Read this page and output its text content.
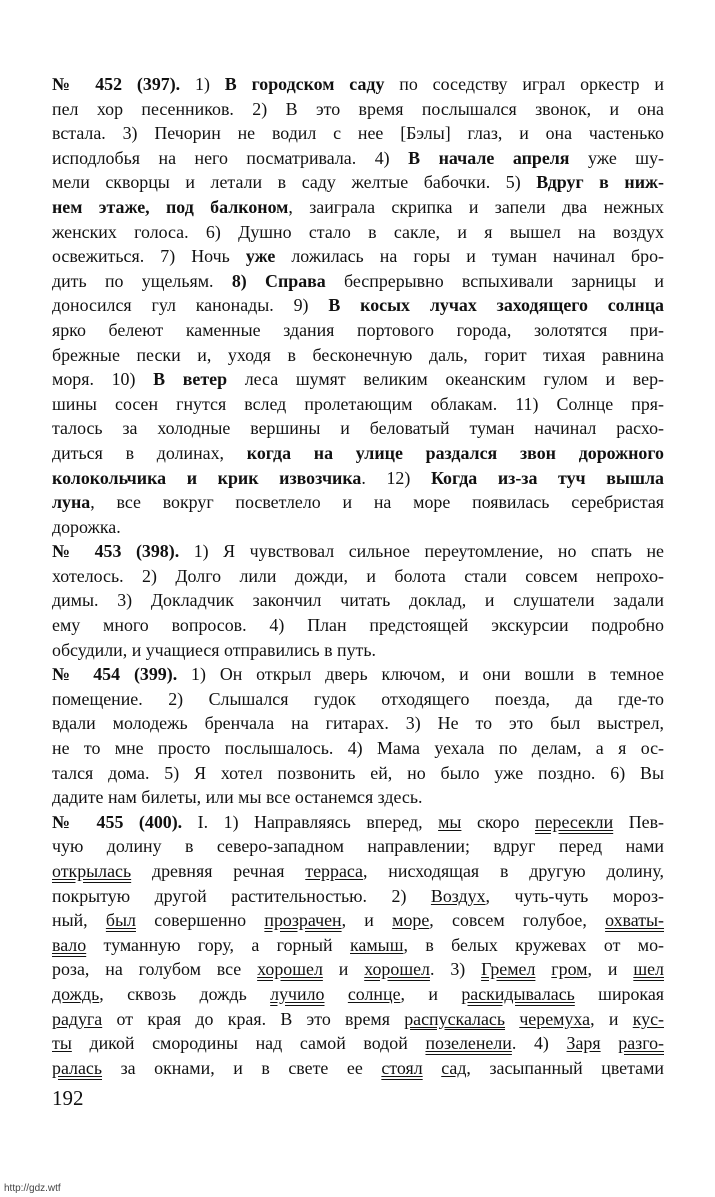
№ 452 (397). 1) В городском саду по соседству играл оркестр и
пел хор песенников. 2) В это время послышался звонок, и она
встала. 3) Печорин не водил с нее [Бэлы] глаз, и она частенько
исподлобья на него посматривала. 4) В начале апреля уже шу-
мели скворцы и летали в саду желтые бабочки. 5) Вдруг в ниж-
нем этаже, под балконом, заиграла скрипка и запели два нежных
женских голоса. 6) Душно стало в сакле, и я вышел на воздух
освежиться. 7) Ночь уже ложилась на горы и туман начинал бро-
дить по ущельям. 8) Справа беспрерывно вспыхивали зарницы и
доносился гул канонады. 9) В косых лучах заходящего солнца
ярко белеют каменные здания портового города, золотятся при-
брежные пески и, уходя в бесконечную даль, горит тихая равнина
моря. 10) В ветер леса шумят великим океанским гулом и вер-
шины сосен гнутся вслед пролетающим облакам. 11) Солнце пря-
талось за холодные вершины и беловатый туман начинал расхо-
диться в долинах, когда на улице раздался звон дорожного
колокольчика и крик извозчика. 12) Когда из-за туч вышла
луна, все вокруг посветлело и на море появилась серебристая
дорожка.
№ 453 (398). 1) Я чувствовал сильное переутомление, но спать не
хотелось. 2) Долго лили дожди, и болота стали совсем непрохо-
димы. 3) Докладчик закончил читать доклад, и слушатели задали
ему много вопросов. 4) План предстоящей экскурсии подробно
обсудили, и учащиеся отправились в путь.
№ 454 (399). 1) Он открыл дверь ключом, и они вошли в темное
помещение. 2) Слышался гудок отходящего поезда, да где-то
вдали молодежь бренчала на гитарах. 3) Не то это был выстрел,
не то мне просто послышалось. 4) Мама уехала по делам, а я ос-
тался дома. 5) Я хотел позвонить ей, но было уже поздно. 6) Вы
дадите нам билеты, или мы все останемся здесь.
№ 455 (400). I. 1) Направляясь вперед, мы скоро пересекли Пев-
чую долину в северо-западном направлении; вдруг перед нами
открылась древняя речная терраса, нисходящая в другую долину,
покрытую другой растительностью. 2) Воздух, чуть-чуть мороз-
ный, был совершенно прозрачен, и море, совсем голубое, охваты-
вало туманную гору, а горный камыш, в белых кружевах от мо-
роза, на голубом все хорошел и хорошел. 3) Гремел гром, и шел
дождь, сквозь дождь лучило солнце, и раскидывалась широкая
радуга от края до края. В это время распускалась черемуха, и кус-
ты дикой смородины над самой водой позеленели. 4) Заря разго-
ралась за окнами, и в свете ее стоял сад, засыпанный цветами
192
http://gdz.wtf
